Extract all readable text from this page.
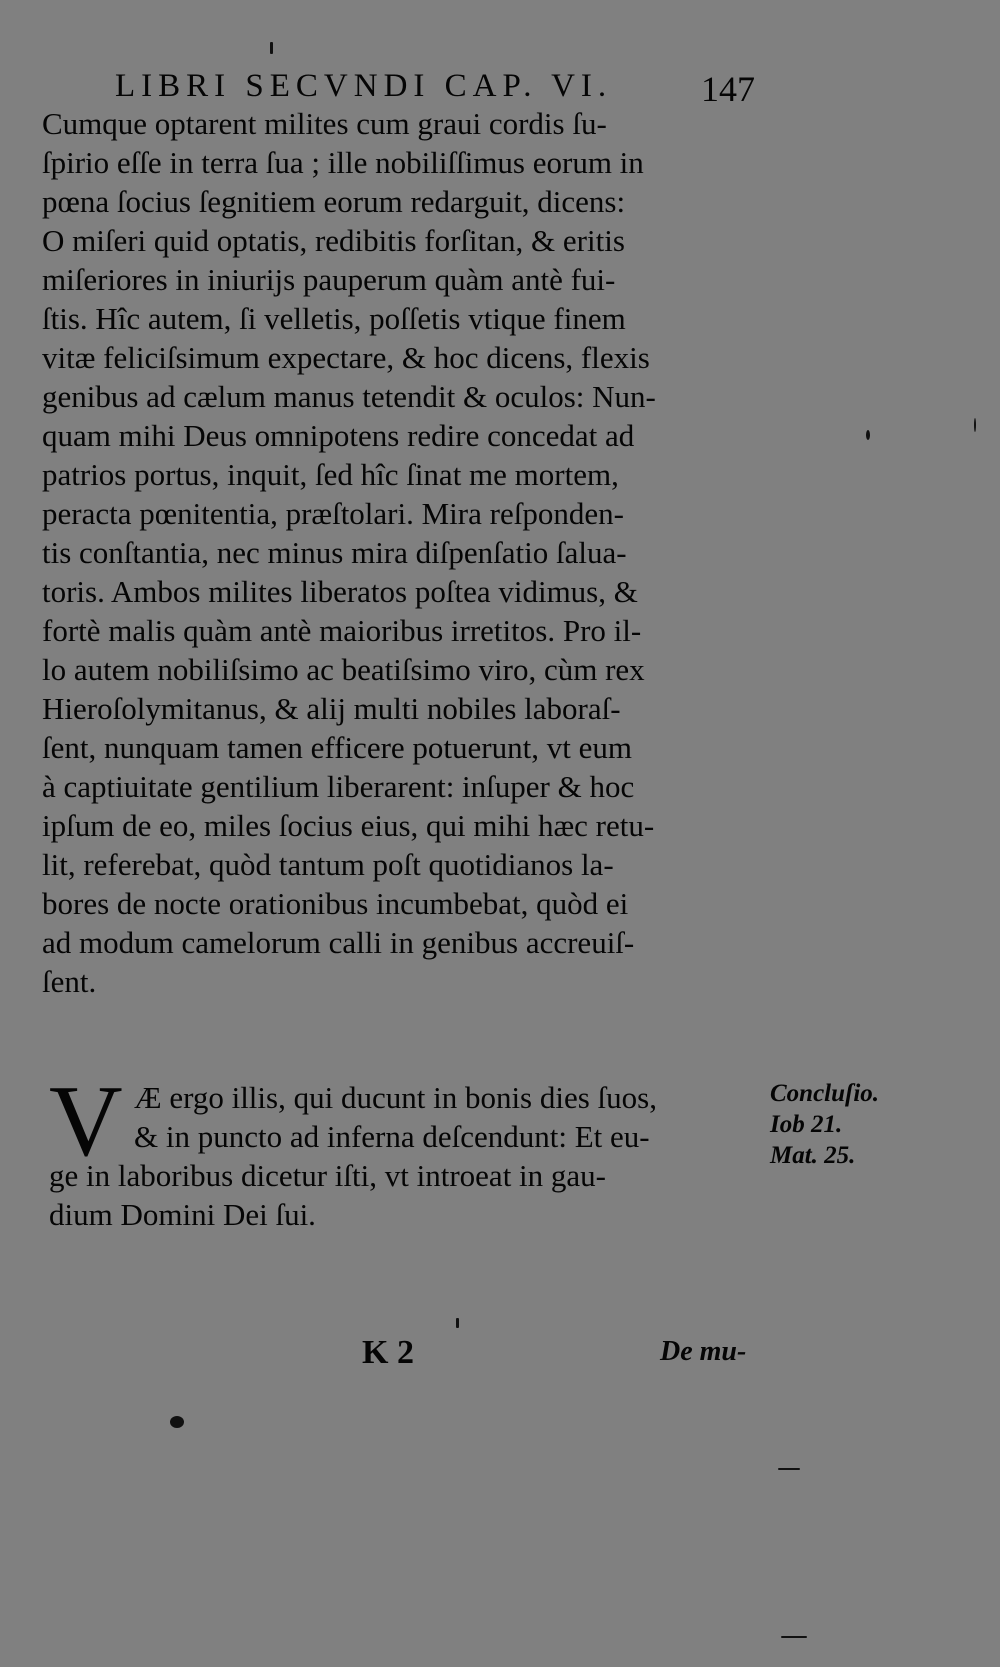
LIBRI SECVNDI CAP. VI. 147
Cumque optarent milites cum graui cordis ſu-
ſpirio eſſe in terra ſua ; ille nobiliſſimus eorum in
pœna ſocius ſegnitiem eorum redarguit, dicens:
O miſeri quid optatis, redibitis forſitan, & eritis
miſeriores in iniurijs pauperum quàm antè fui-
ſtis. Hîc autem, ſi velletis, poſſetis vtique finem
vitæ feliciſsimum expectare, & hoc dicens, flexis
genibus ad cælum manus tetendit & oculos: Nun-
quam mihi Deus omnipotens redire concedat ad
patrios portus, inquit, ſed hîc ſinat me mortem,
peracta pœnitentia, præſtolari. Mira reſponden-
tis conſtantia, nec minus mira diſpenſatio ſalua-
toris. Ambos milites liberatos poſtea vidimus, &
fortè malis quàm antè maioribus irretitos. Pro il-
lo autem nobiliſsimo ac beatiſsimo viro, cùm rex
Hieroſolymitanus, & alij multi nobiles laboraſ-
ſent, nunquam tamen efficere potuerunt, vt eum
à captiuitate gentilium liberarent: inſuper & hoc
ipſum de eo, miles ſocius eius, qui mihi hæc retu-
lit, referebat, quòd tantum poſt quotidianos la-
bores de nocte orationibus incumbebat, quòd ei
ad modum camelorum calli in genibus accreuiſ-
ſent.
V Æ ergo illis, qui ducunt in bonis dies ſuos,
& in puncto ad inferna deſcendunt: Et eu-
ge in laboribus dicetur iſti, vt introeat in gau-
dium Domini Dei ſui.
Concluſio.
Iob 21.
Mat. 25.
K 2	De mu-
